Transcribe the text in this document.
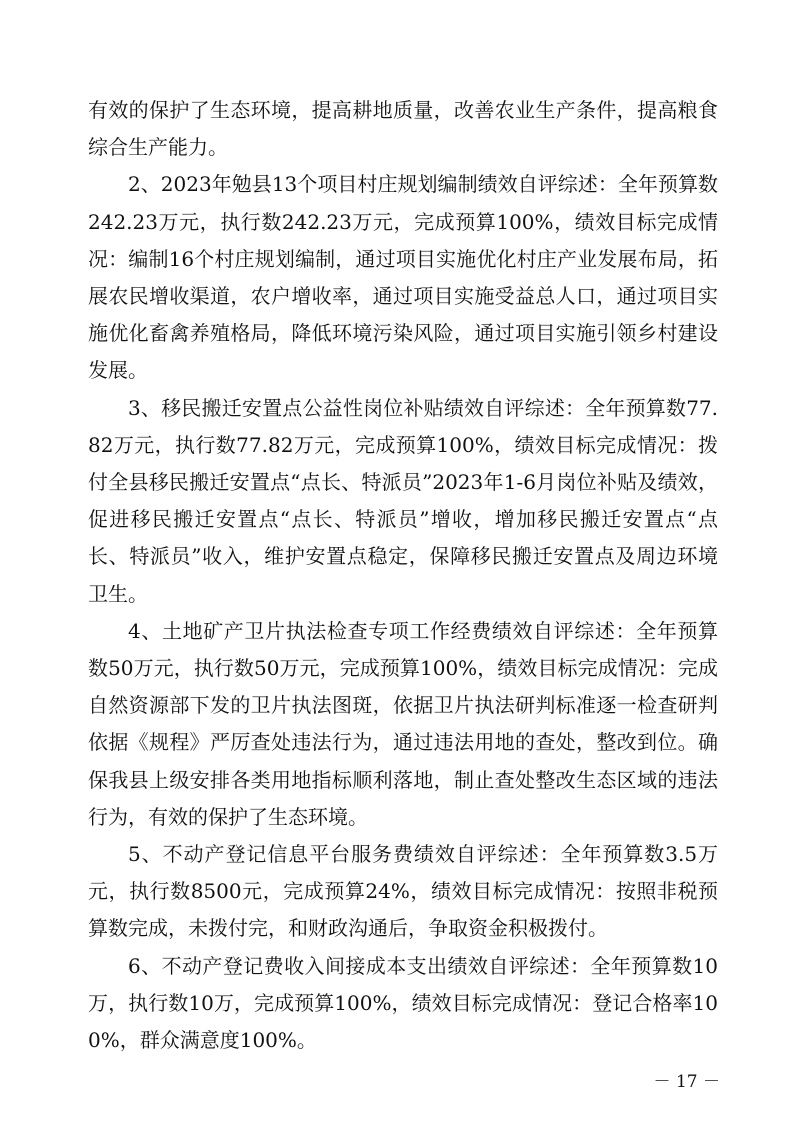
有效的保护了生态环境，提高耕地质量，改善农业生产条件，提高粮食综合生产能力。

2、2023年勉县13个项目村庄规划编制绩效自评综述：全年预算数242.23万元，执行数242.23万元，完成预算100%，绩效目标完成情况：编制16个村庄规划编制，通过项目实施优化村庄产业发展布局，拓展农民增收渠道，农户增收率，通过项目实施受益总人口，通过项目实施优化畜禽养殖格局，降低环境污染风险，通过项目实施引领乡村建设发展。

3、移民搬迁安置点公益性岗位补贴绩效自评综述：全年预算数77.82万元，执行数77.82万元，完成预算100%，绩效目标完成情况：拨付全县移民搬迁安置点“点长、特派员”2023年1-6月岗位补贴及绩效，促进移民搬迁安置点“点长、特派员”增收，增加移民搬迁安置点“点长、特派员”收入，维护安置点稳定，保障移民搬迁安置点及周边环境卫生。

4、土地矿产卫片执法检查专项工作经费绩效自评综述：全年预算数50万元，执行数50万元，完成预算100%，绩效目标完成情况：完成自然资源部下发的卫片执法图斑，依据卫片执法研判标准逐一检查研判依据《规程》严厉查处违法行为，通过违法用地的查处，整改到位。确保我县上级安排各类用地指标顺利落地，制止查处整改生态区域的违法行为，有效的保护了生态环境。

5、不动产登记信息平台服务费绩效自评综述：全年预算数3.5万元，执行数8500元，完成预算24%，绩效目标完成情况：按照非税预算数完成，未拨付完，和财政沟通后，争取资金积极拨付。

6、不动产登记费收入间接成本支出绩效自评综述：全年预算数10万，执行数10万，完成预算100%，绩效目标完成情况：登记合格率100%，群众满意度100%。

－ 17 －
